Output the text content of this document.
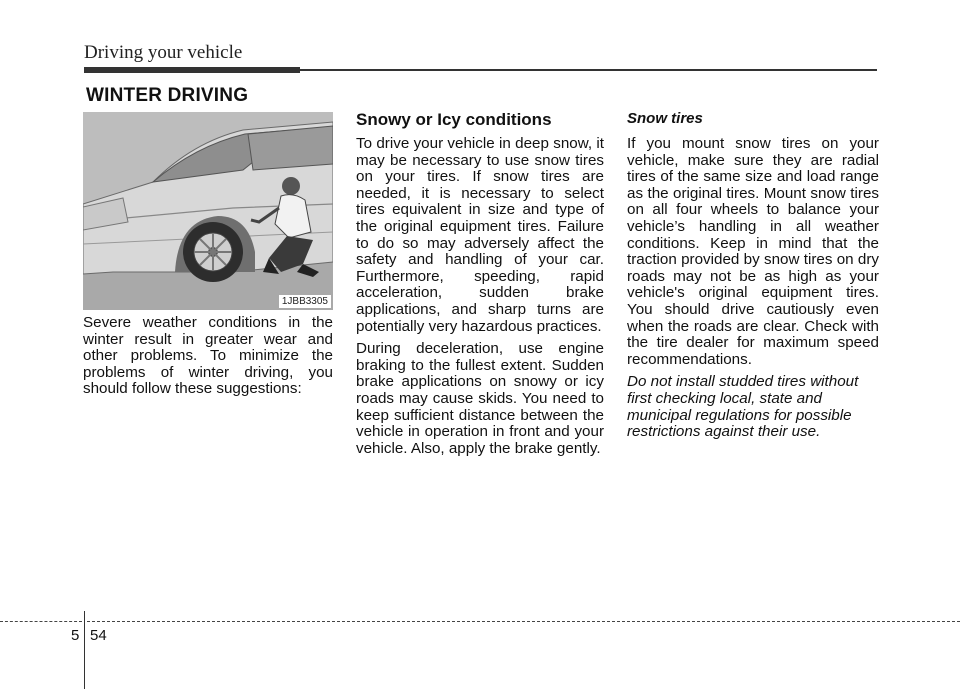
Driving your vehicle
WINTER DRIVING
1JBB3305

Severe weather conditions in the winter result in greater wear and other problems. To minimize the problems of winter driving, you should follow these suggestions:

Snowy or Icy conditions

To drive your vehicle in deep snow, it may be necessary to use snow tires on your tires. If snow tires are needed, it is necessary to select tires equivalent in size and type of the original equipment tires. Failure to do so may adversely affect the safety and handling of your car. Furthermore, speeding, rapid acceleration, sudden brake applications, and sharp turns are potentially very hazardous practices.

During deceleration, use engine braking to the fullest extent. Sudden brake applications on snowy or icy roads may cause skids. You need to keep sufficient distance between the vehicle in operation in front and your vehicle. Also, apply the brake gently.

Snow tires

If you mount snow tires on your vehicle, make sure they are radial tires of the same size and load range as the original tires. Mount snow tires on all four wheels to balance your vehicle’s handling in all weather conditions. Keep in mind that the traction provided by snow tires on dry roads may not be as high as your vehicle's original equipment tires. You should drive cautiously even when the roads are clear. Check with the tire dealer for maximum speed recommendations.

Do not install studded tires without first checking local, state and municipal regulations for possible restrictions against their use.

5 54
